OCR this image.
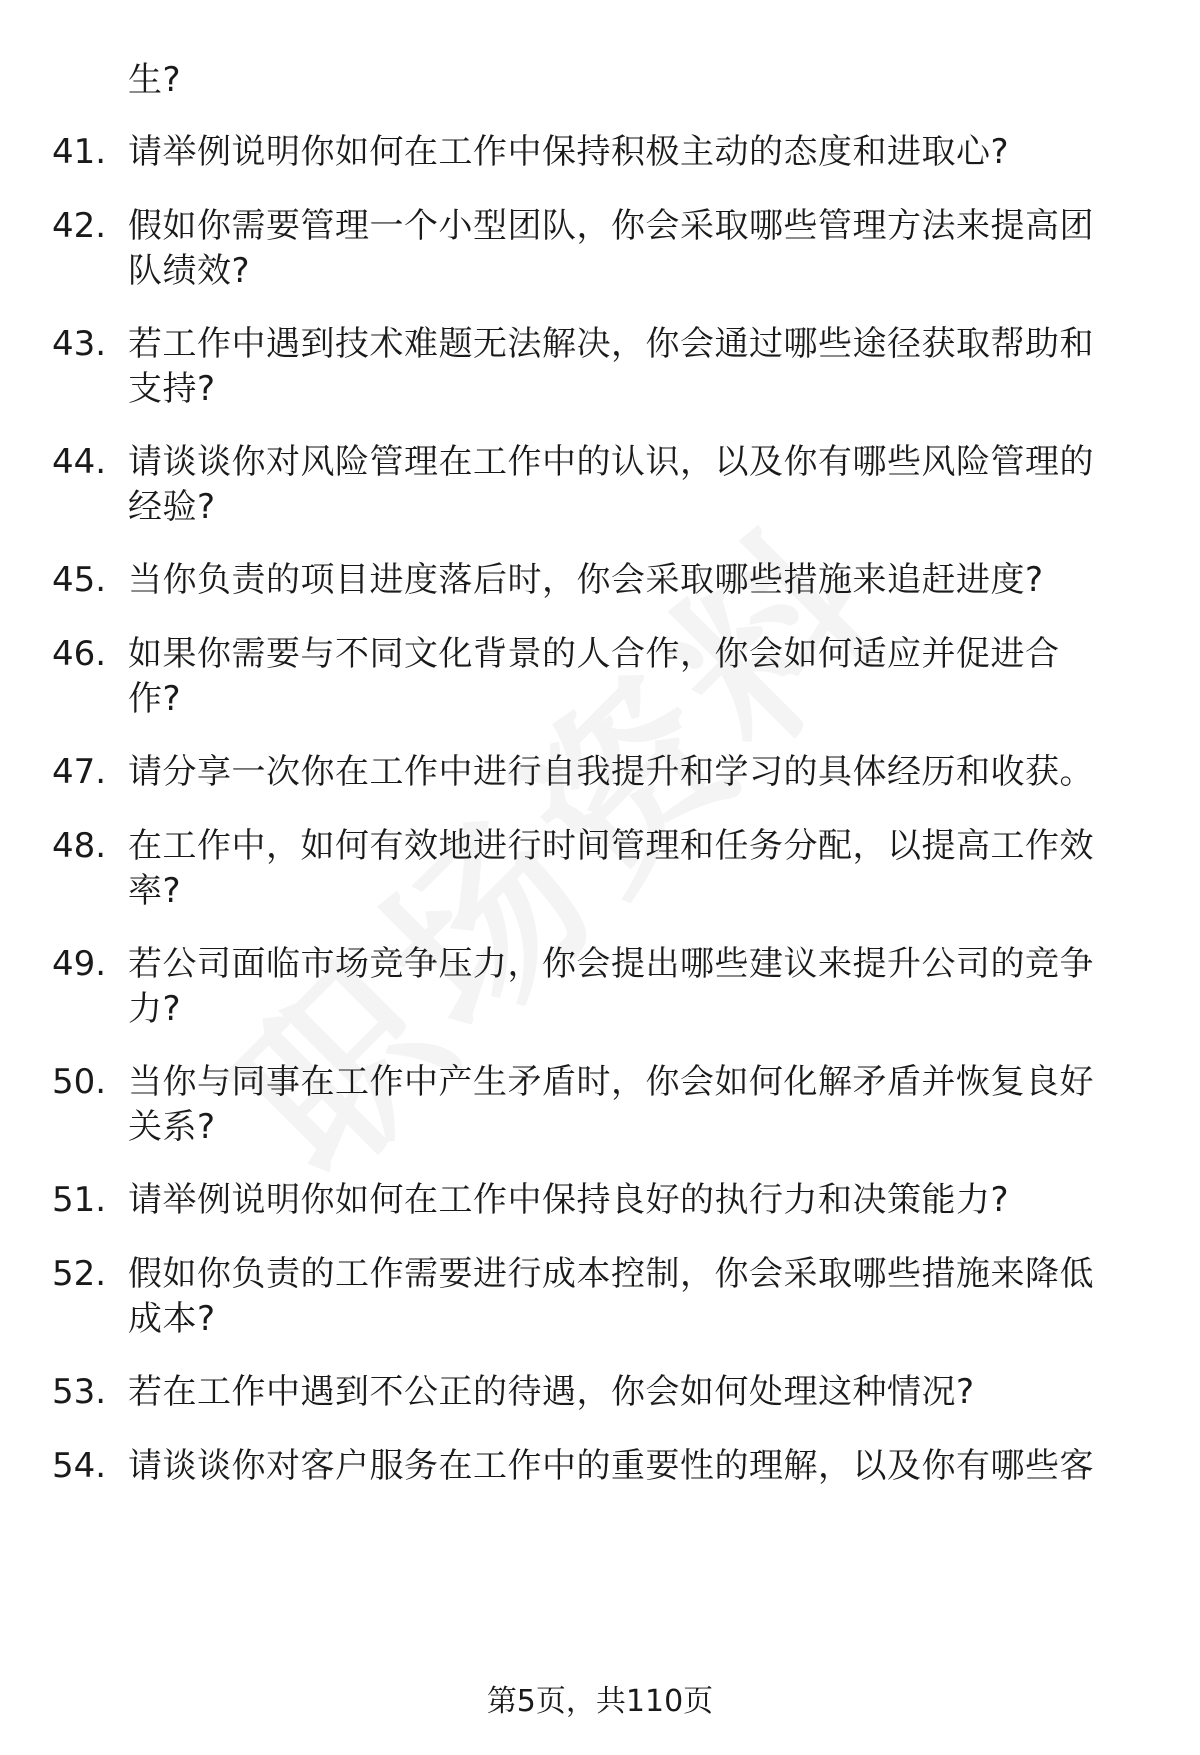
生?
41. 请举例说明你如何在工作中保持积极主动的态度和进取心?
42. 假如你需要管理一个小型团队，你会采取哪些管理方法来提高团
队绩效?
43. 若工作中遇到技术难题无法解决，你会通过哪些途径获取帮助和
支持?
44. 请谈谈你对风险管理在工作中的认识，以及你有哪些风险管理的
经验?
45. 当你负责的项目进度落后时，你会采取哪些措施来追赶进度?
46. 如果你需要与不同文化背景的人合作，你会如何适应并促进合
作?
47. 请分享一次你在工作中进行自我提升和学习的具体经历和收获。
48. 在工作中，如何有效地进行时间管理和任务分配，以提高工作效
率?
49. 若公司面临市场竞争压力，你会提出哪些建议来提升公司的竞争
力?
50. 当你与同事在工作中产生矛盾时，你会如何化解矛盾并恢复良好
关系?
51. 请举例说明你如何在工作中保持良好的执行力和决策能力?
52. 假如你负责的工作需要进行成本控制，你会采取哪些措施来降低
成本?
53. 若在工作中遇到不公正的待遇，你会如何处理这种情况?
54. 请谈谈你对客户服务在工作中的重要性的理解，以及你有哪些客
第5页，共110页
